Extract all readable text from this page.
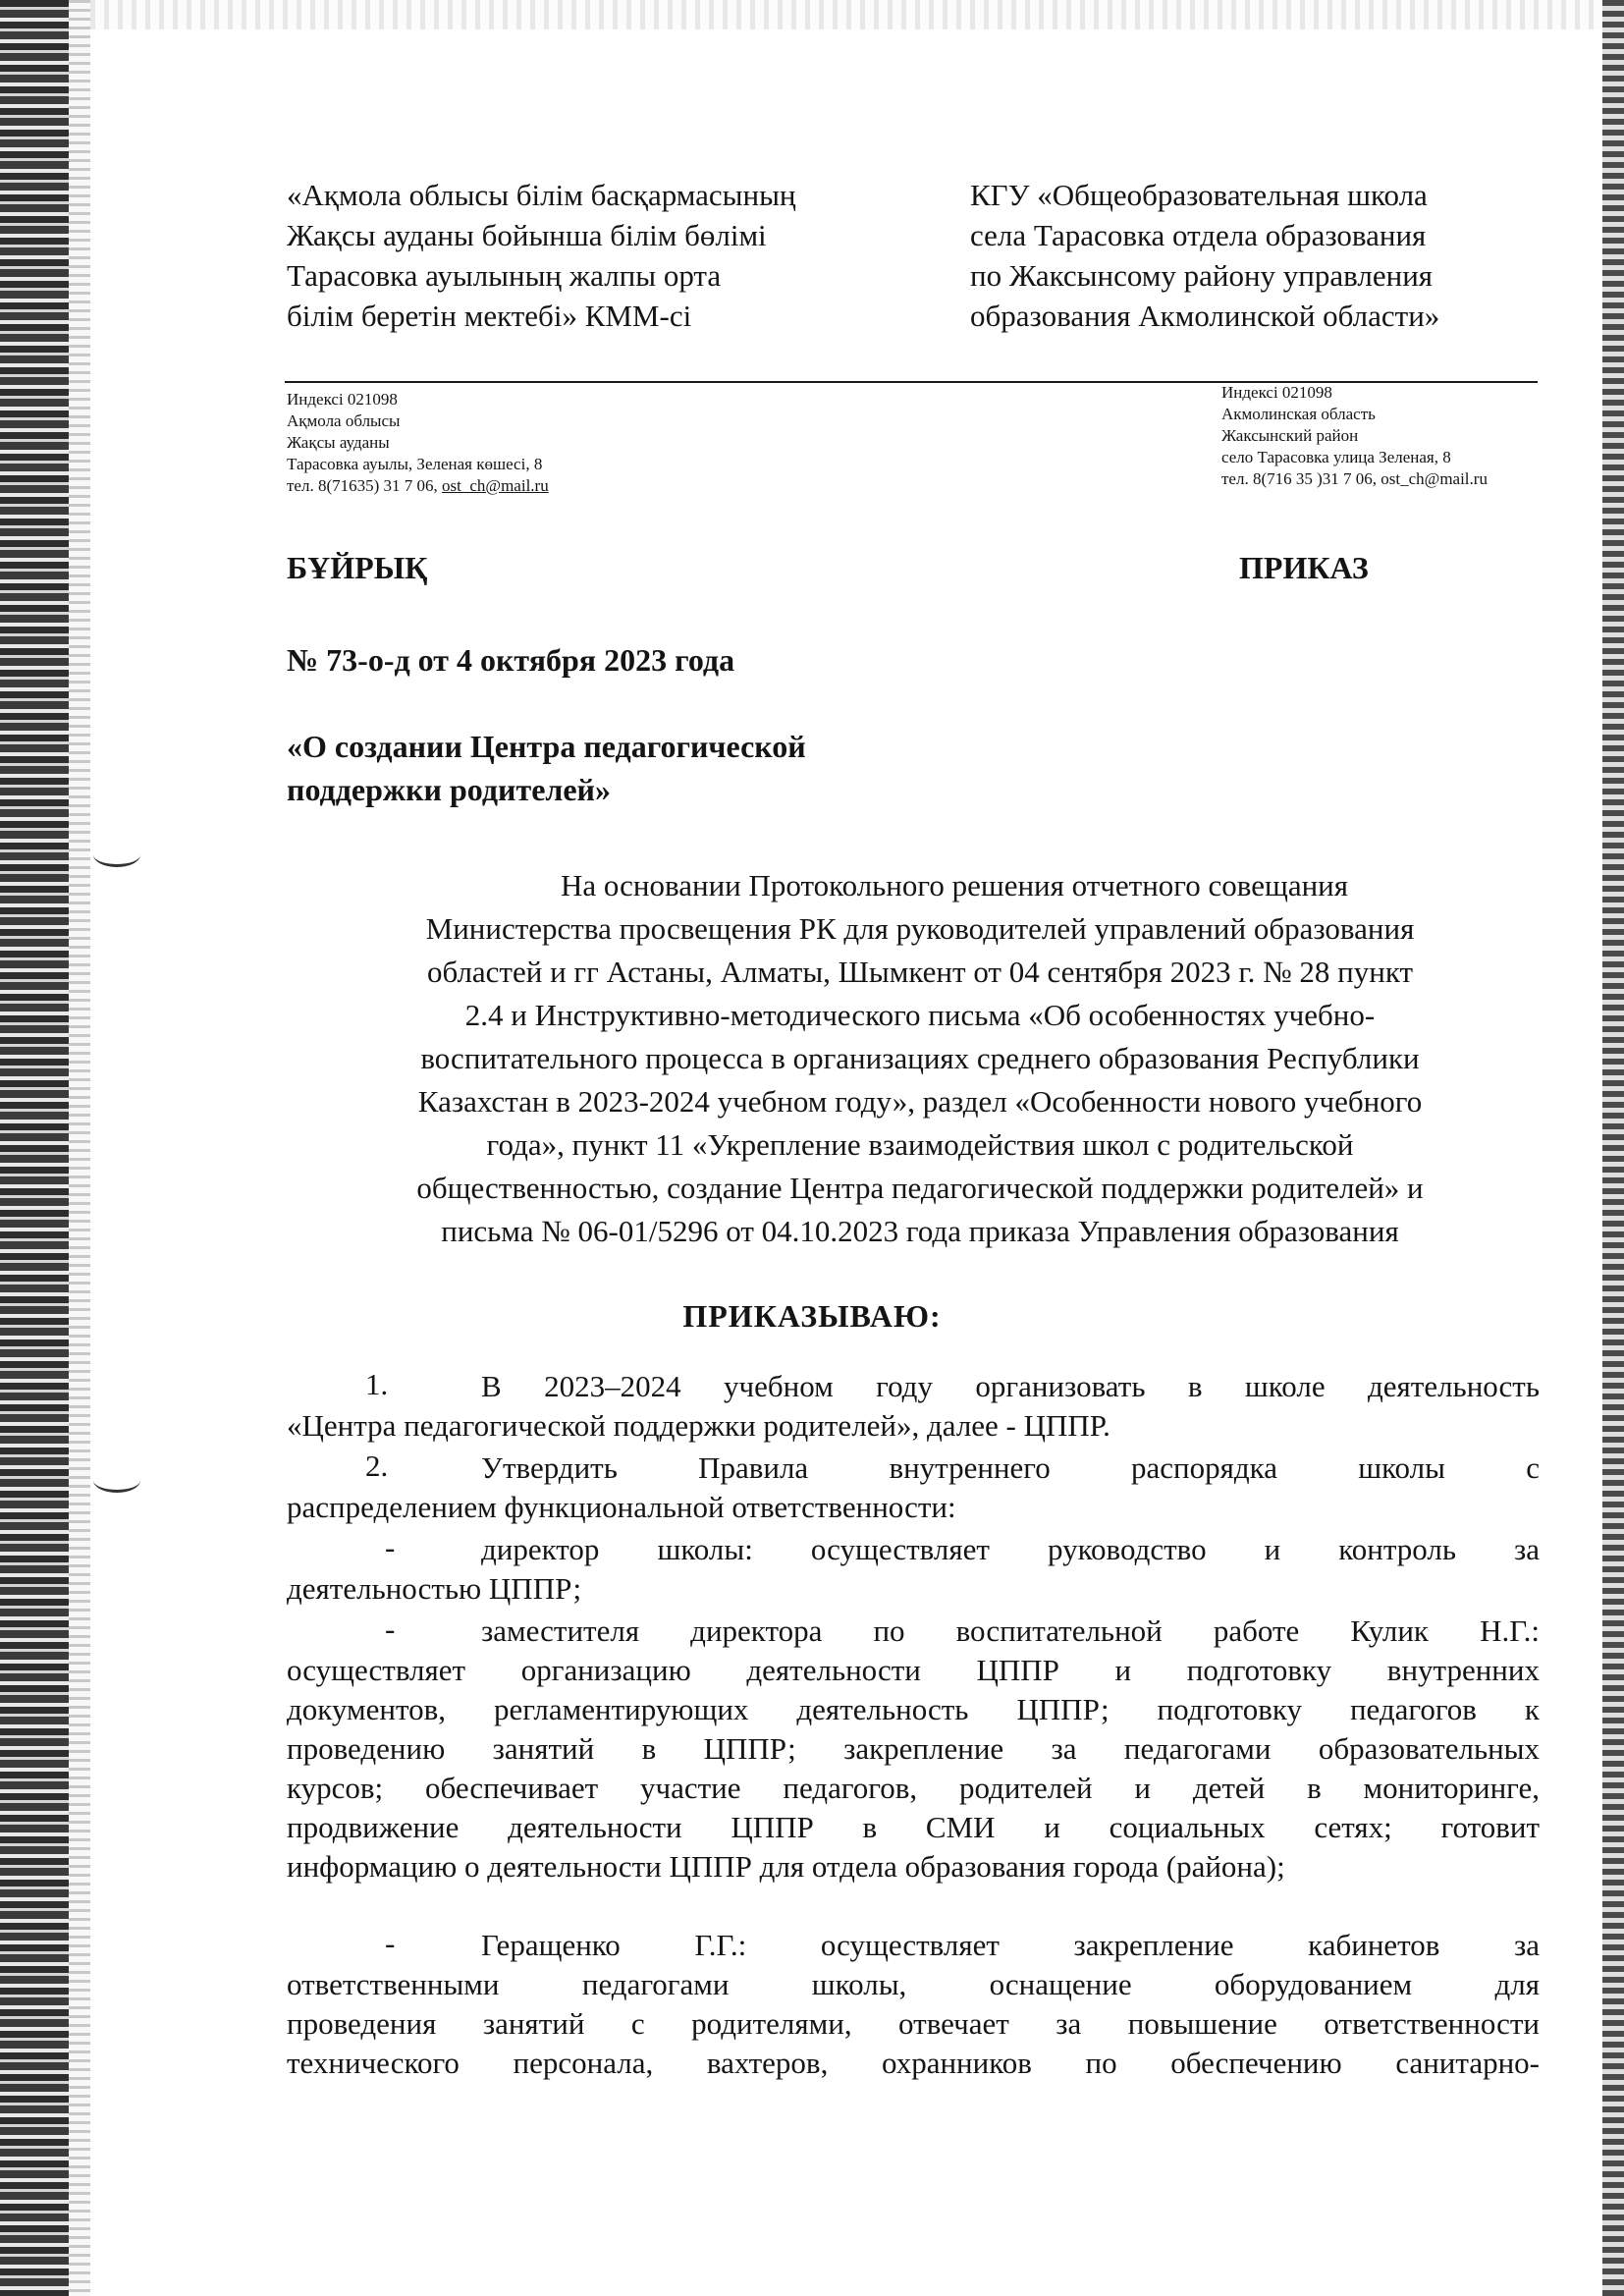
«Ақмола облысы білім басқармасының
Жақсы ауданы бойынша білім бөлімі
Тарасовка ауылының жалпы орта
білім беретін мектебі» КММ-сі
КГУ «Общеобразовательная школа
села Тарасовка отдела образования
по Жаксынсому району управления
образования Акмолинской области»
Индексі 021098
Ақмола облысы
Жақсы ауданы
Тарасовка ауылы, Зеленая көшесі, 8
тел. 8(71635) 31 7 06, ost_ch@mail.ru
Индексі 021098
Акмолинская область
Жаксынский район
село Тарасовка улица Зеленая, 8
тел. 8(716 35 )31 7 06, ost_ch@mail.ru
БҰЙРЫҚ	ПРИКАЗ
№ 73-о-д от 4 октября 2023 года
«О создании Центра педагогической
поддержки родителей»
На основании Протокольного решения отчетного совещания
Министерства просвещения РК для руководителей управлений образования
областей и гг Астаны, Алматы, Шымкент от 04 сентября 2023 г. № 28 пункт
2.4 и Инструктивно-методического письма «Об особенностях учебно-
воспитательного процесса в организациях среднего образования Республики
Казахстан в 2023-2024 учебном году», раздел «Особенности нового учебного
года», пункт 11 «Укрепление взаимодействия школ с родительской
общественностью, создание Центра педагогической поддержки родителей» и
письма № 06-01/5296 от 04.10.2023 года приказа Управления образования
ПРИКАЗЫВАЮ:
1.	В 2023–2024 учебном году организовать в школе деятельность
«Центра педагогической поддержки родителей», далее - ЦППР.
2.	Утвердить	Правила	внутреннего	распорядка	школы	с
распределением функциональной ответственности:
-	директор школы: осуществляет руководство и контроль за
деятельностью ЦППР;
-	заместителя директора по воспитательной работе Кулик Н.Г.:
осуществляет организацию деятельности ЦППР и подготовку внутренних
документов, регламентирующих деятельность ЦППР; подготовку педагогов к
проведению занятий в ЦППР; закрепление за педагогами образовательных
курсов; обеспечивает участие педагогов, родителей и детей в мониторинге,
продвижение деятельности ЦППР в СМИ и социальных сетях; готовит
информацию о деятельности ЦППР для отдела образования города (района);
-	Геращенко Г.Г.: осуществляет закрепление кабинетов за
ответственными педагогами школы, оснащение оборудованием для
проведения занятий с родителями, отвечает за повышение ответственности
технического персонала, вахтеров, охранников по обеспечению санитарно-
